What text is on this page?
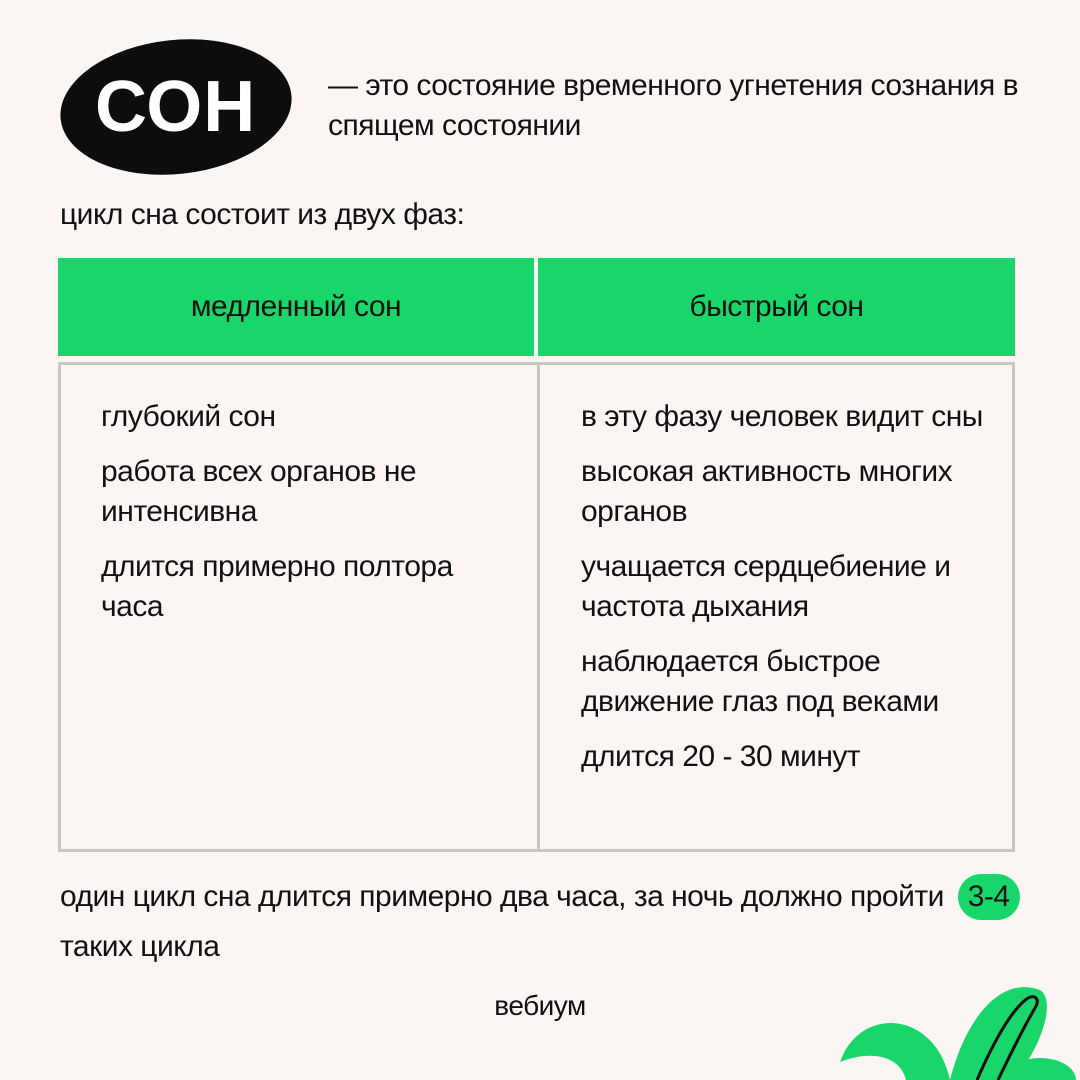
СОН — это состояние временного угнетения сознания в спящем состоянии

цикл сна состоит из двух фаз:

медленный сон	быстрый сон
глубокий сон
работа всех органов не интенсивна
длится примерно полтора часа
в эту фазу человек видит сны
высокая активность многих органов
учащается сердцебиение и частота дыхания
наблюдается быстрое движение глаз под веками
длится 20 - 30 минут

один цикл сна длится примерно два часа, за ночь должно пройти 3-4 таких цикла

вебиум
